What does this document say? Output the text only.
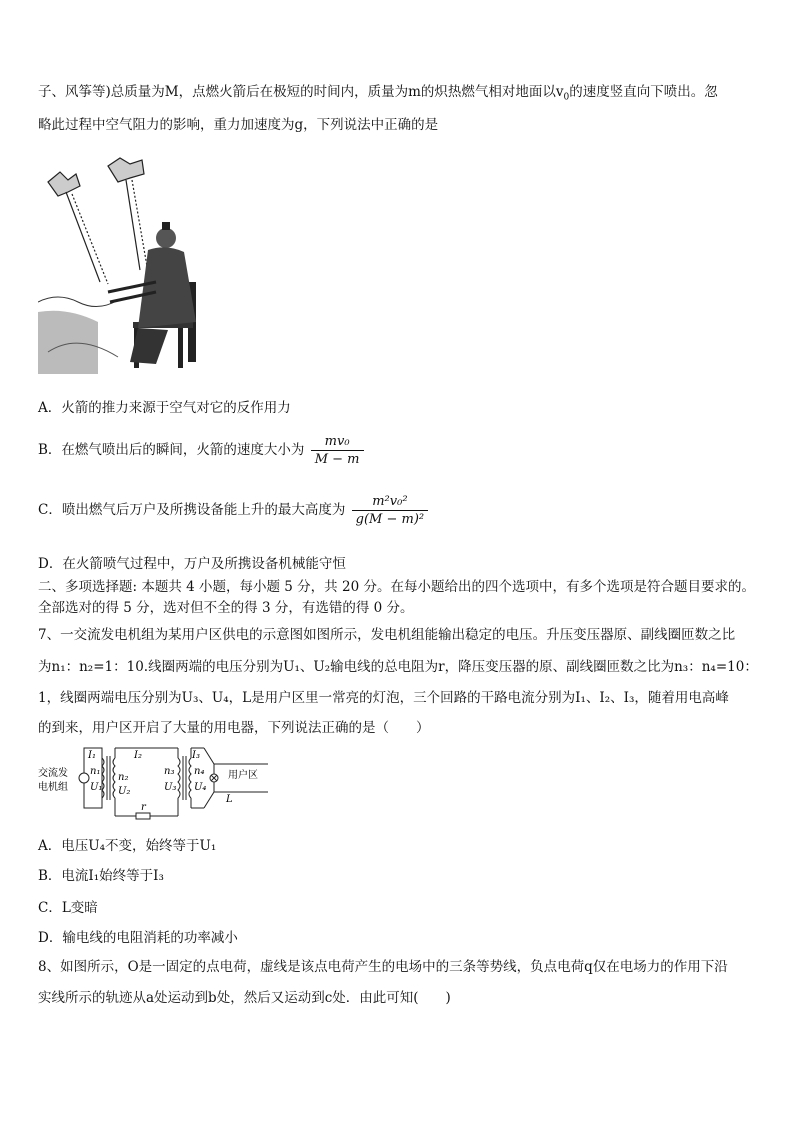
子、风筝等)总质量为M，点燃火箭后在极短的时间内，质量为m的炽热燃气相对地面以$v_0$的速度竖直向下喷出。忽
略此过程中空气阻力的影响，重力加速度为g，下列说法中正确的是
A．火箭的推力来源于空气对它的反作用力
B．在燃气喷出后的瞬间，火箭的速度大小为 $\frac{\text{mv₀}}{M - m}$
C．喷出燃气后万户及所携设备能上升的最大高度为 $\frac{\text{m²v₀²}}{\text{g(M − m)²}}$
D．在火箭喷气过程中，万户及所携设备机械能守恒
二、多项选择题: 本题共 4 小题，每小题 5 分，共 20 分。在每小题给出的四个选项中，有多个选项是符合题目要求的。
全部选对的得 5 分，选对但不全的得 3 分，有选错的得 0 分。
7、一交流发电机组为某用户区供电的示意图如图所示，发电机组能输出稳定的电压。升压变压器原、副线圈匝数之比
为n₁：n₂=1：10.线圈两端的电压分别为U₁、U₂输电线的总电阻为r，降压变压器的原、副线圈匝数之比为n₃：n₄=10：
1，线圈两端电压分别为U₃、U₄，L是用户区里一常亮的灯泡，三个回路的干路电流分别为I₁、I₂、I₃，随着用电高峰
的到来，用户区开启了大量的用电器，下列说法正确的是（　　）
交流发
电机组
I₁
n₁
U₁
I₂
n₂
U₂
r
n₃
U₃
I₃
n₄
U₄
用户区
L
A．电压U₄不变，始终等于U₁
B．电流I₁始终等于I₃
C．L变暗
D．输电线的电阻消耗的功率减小
8、如图所示，O是一固定的点电荷，虚线是该点电荷产生的电场中的三条等势线，负点电荷q仅在电场力的作用下沿
实线所示的轨迹从a处运动到b处，然后又运动到c处．由此可知(　　)
